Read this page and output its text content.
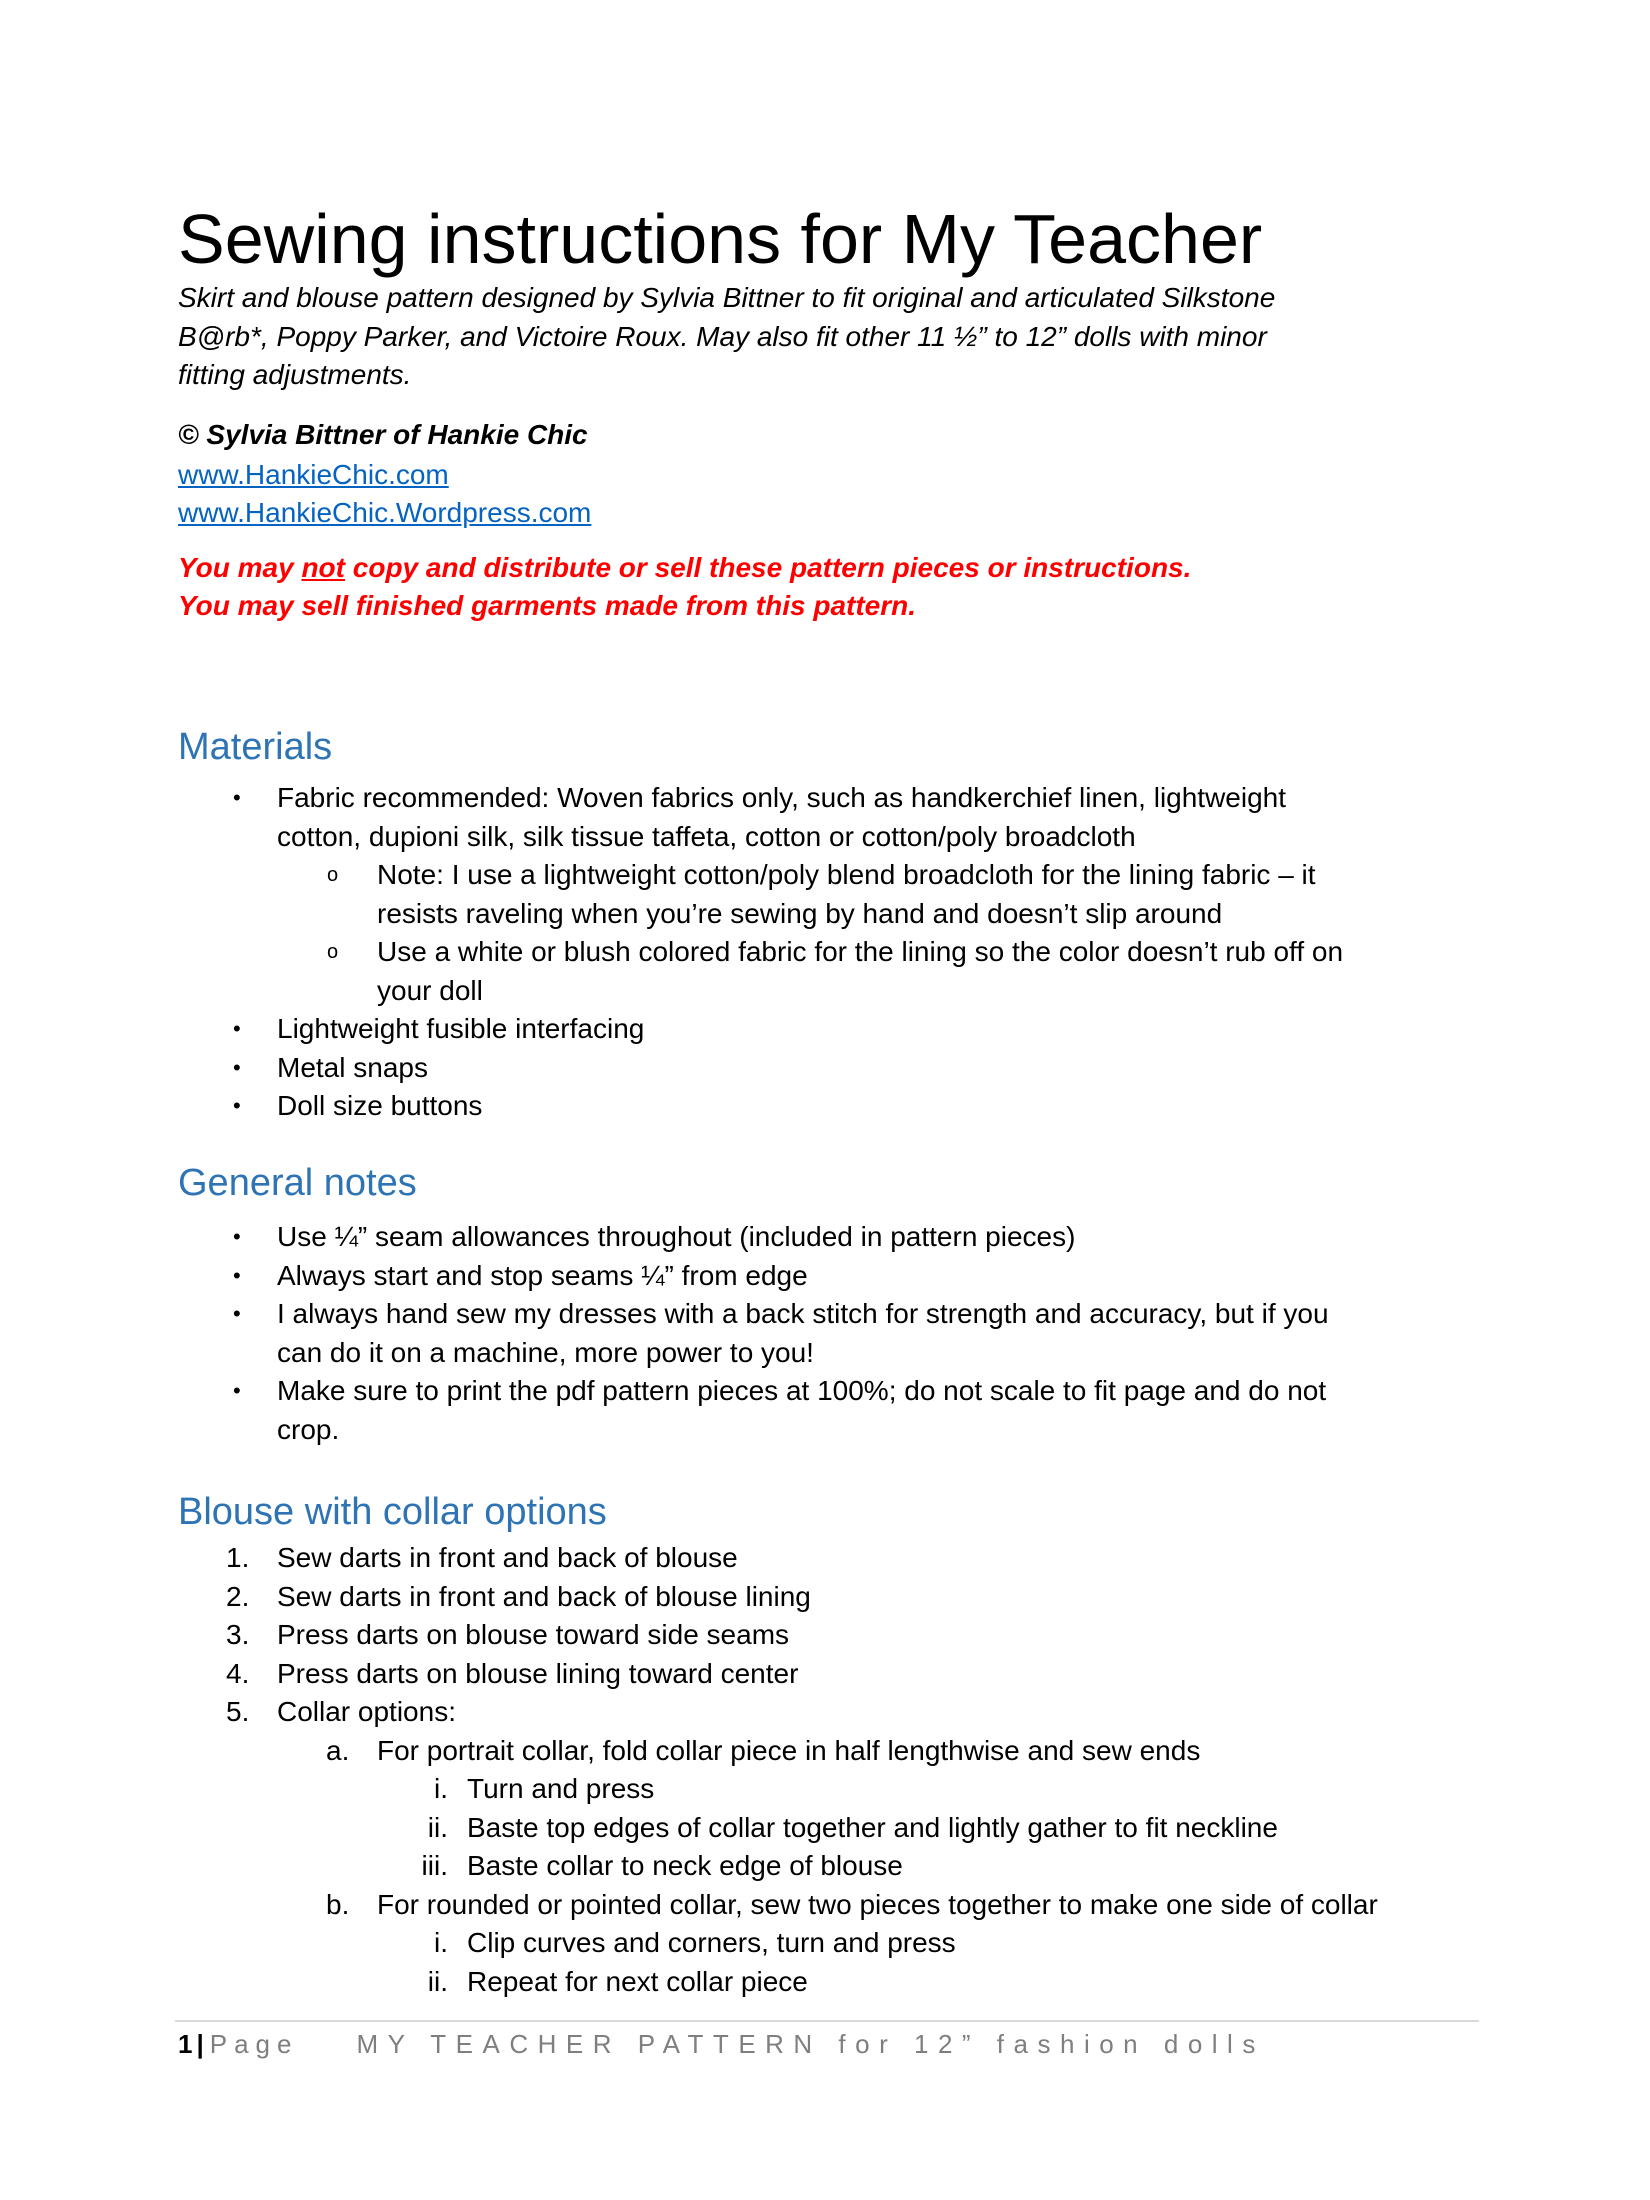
Sewing instructions for My Teacher
Skirt and blouse pattern designed by Sylvia Bittner to fit original and articulated Silkstone
B@rb*, Poppy Parker, and Victoire Roux. May also fit other 11 ½” to 12” dolls with minor
fitting adjustments.
© Sylvia Bittner of Hankie Chic
www.HankieChic.com
www.HankieChic.Wordpress.com
You may not copy and distribute or sell these pattern pieces or instructions.
You may sell finished garments made from this pattern.
Materials
• Fabric recommended: Woven fabrics only, such as handkerchief linen, lightweight
cotton, dupioni silk, silk tissue taffeta, cotton or cotton/poly broadcloth
o Note: I use a lightweight cotton/poly blend broadcloth for the lining fabric – it
resists raveling when you’re sewing by hand and doesn’t slip around
o Use a white or blush colored fabric for the lining so the color doesn’t rub off on
your doll
• Lightweight fusible interfacing
• Metal snaps
• Doll size buttons
General notes
• Use ¼” seam allowances throughout (included in pattern pieces)
• Always start and stop seams ¼” from edge
• I always hand sew my dresses with a back stitch for strength and accuracy, but if you
can do it on a machine, more power to you!
• Make sure to print the pdf pattern pieces at 100%; do not scale to fit page and do not
crop.
Blouse with collar options
1. Sew darts in front and back of blouse
2. Sew darts in front and back of blouse lining
3. Press darts on blouse toward side seams
4. Press darts on blouse lining toward center
5. Collar options:
a. For portrait collar, fold collar piece in half lengthwise and sew ends
i. Turn and press
ii. Baste top edges of collar together and lightly gather to fit neckline
iii. Baste collar to neck edge of blouse
b. For rounded or pointed collar, sew two pieces together to make one side of collar
i. Clip curves and corners, turn and press
ii. Repeat for next collar piece
1 | Page MY TEACHER PATTERN for 12” fashion dolls
